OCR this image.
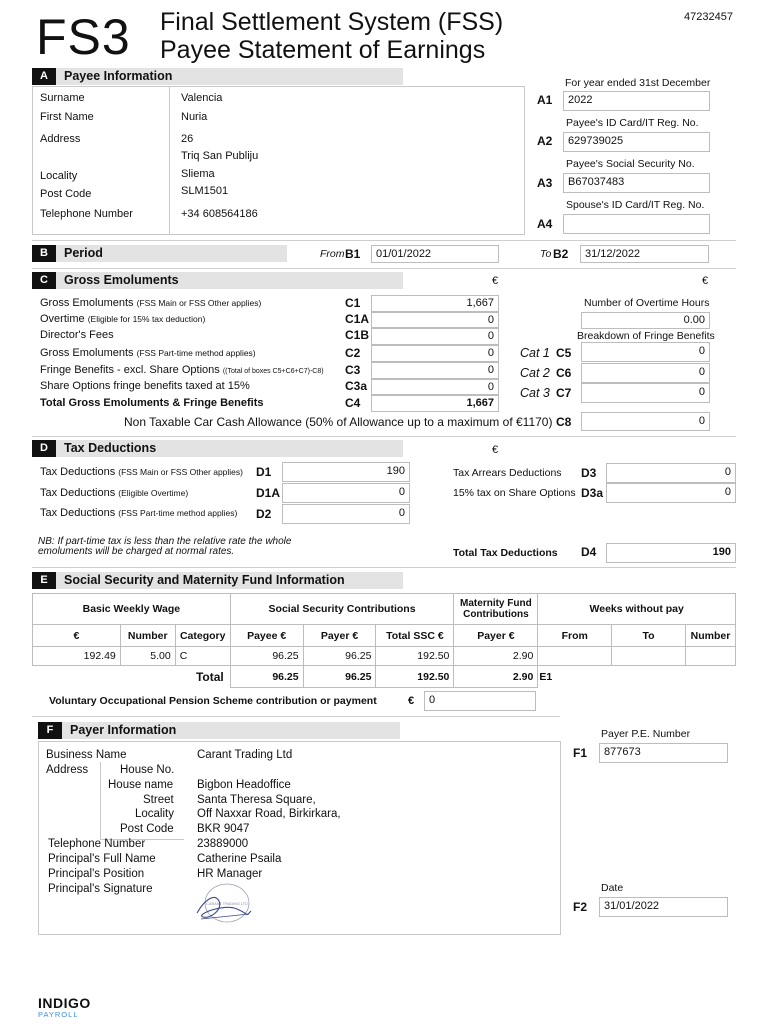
FS3 Final Settlement System (FSS)
Payee Statement of Earnings
47232457
A	Payee Information
Surname	Valencia
First Name	Nuria
Address	26
Triq San Publiju
Locality	Sliema
Post Code	SLM1501
Telephone Number	+34 608564186
For year ended 31st December
A1	2022
Payee's ID Card/IT Reg. No.
A2	629739025
Payee's Social Security No.
A3	B67037483
Spouse's ID Card/IT Reg. No.
A4
B	Period	From B1	01/01/2022	To B2	31/12/2022
C	Gross Emoluments	€	€
Gross Emoluments (FSS Main or FSS Other applies)	C1	1,667
Overtime (Eligible for 15% tax deduction)	C1A	0
Director's Fees	C1B	0
Gross Emoluments (FSS Part-time method applies)	C2	0
Fringe Benefits - excl. Share Options ((Total of boxes C5+C6+C7)-C8) C3	0
Share Options fringe benefits taxed at 15%	C3a	0
Total Gross Emoluments & Fringe Benefits	C4	1,667
Number of Overtime Hours
0.00
Breakdown of Fringe Benefits
Cat 1 C5	0
Cat 2 C6	0
Cat 3 C7	0
Non Taxable Car Cash Allowance (50% of Allowance up to a maximum of €1170) C8	0
D	Tax Deductions	€
Tax Deductions (FSS Main or FSS Other applies) D1	190
Tax Deductions (Eligible Overtime)	D1A	0
Tax Deductions (FSS Part-time method applies) D2	0
Tax Arrears Deductions D3	0
15% tax on Share Options D3a	0
NB: If part-time tax is less than the relative rate the whole
emoluments will be charged at normal rates.	Total Tax Deductions D4	190
E	Social Security and Maternity Fund Information
Basic Weekly Wage			Social Security Contributions			Maternity Fund
Contributions	Weeks without pay		
€	Number	Category	Payee €	Payer €	Total SSC €	Payer €	From	To	Number
192.49	5.00	C	96.25	96.25	192.50	2.90			
Total			96.25	96.25	192.50	2.90	E1		
Voluntary Occupational Pension Scheme contribution or payment	€	0
F	Payer Information
Business Name	Carant Trading Ltd
Address	House No.
House name Bigbon Headoffice
Street Santa Theresa Square,
Locality Off Naxxar Road, Birkirkara,
Post Code BKR 9047
Telephone Number	23889000
Principal's Full Name	Catherine Psaila
Principal's Position	HR Manager
Principal's Signature
CARANT TRADING LTD
Payer P.E. Number
F1	877673
Date
F2	31/01/2022
INDIGO
PAYROLL
